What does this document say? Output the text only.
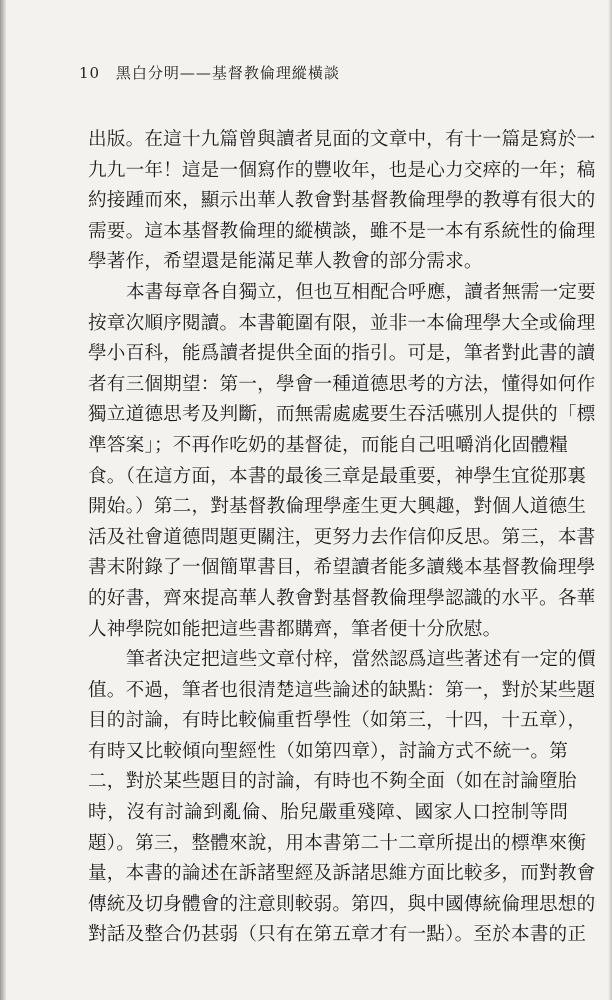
10 黑白分明——基督教倫理縱橫談
出版。在這十九篇曾與讀者見面的文章中，有十一篇是寫於一
九九一年！這是一個寫作的豐收年，也是心力交瘁的一年；稿
約接踵而來，顯示出華人教會對基督教倫理學的教導有很大的
需要。這本基督教倫理的縱横談，雖不是一本有系統性的倫理
學著作，希望還是能滿足華人教會的部分需求。
本書每章各自獨立，但也互相配合呼應，讀者無需一定要
按章次順序閱讀。本書範圍有限，並非一本倫理學大全或倫理
學小百科，能爲讀者提供全面的指引。可是，筆者對此書的讀
者有三個期望：第一，學會一種道德思考的方法，懂得如何作
獨立道德思考及判斷，而無需處處要生吞活嚥別人提供的「標
準答案」；不再作吃奶的基督徒，而能自己咀嚼消化固體糧
食。（在這方面，本書的最後三章是最重要，神學生宜從那裏
開始。）第二，對基督教倫理學產生更大興趣，對個人道德生
活及社會道德問題更關注，更努力去作信仰反思。第三，本書
書末附錄了一個簡單書目，希望讀者能多讀幾本基督教倫理學
的好書，齊來提高華人教會對基督教倫理學認識的水平。各華
人神學院如能把這些書都購齊，筆者便十分欣慰。
筆者決定把這些文章付梓，當然認爲這些著述有一定的價
值。不過，筆者也很清楚這些論述的缺點：第一，對於某些題
目的討論，有時比較偏重哲學性（如第三，十四，十五章），
有時又比較傾向聖經性（如第四章），討論方式不統一。第
二，對於某些題目的討論，有時也不夠全面（如在討論墮胎
時，沒有討論到亂倫、胎兒嚴重殘障、國家人口控制等問
題）。第三，整體來說，用本書第二十二章所提出的標準來衡
量，本書的論述在訴諸聖經及訴諸思維方面比較多，而對教會
傳統及切身體會的注意則較弱。第四，與中國傳統倫理思想的
對話及整合仍甚弱（只有在第五章才有一點）。至於本書的正
